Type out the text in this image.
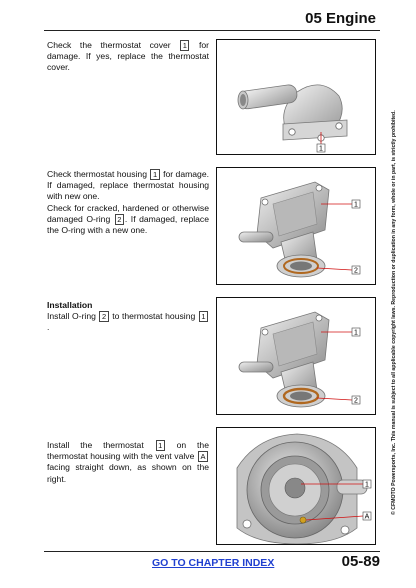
05 Engine
Check the thermostat cover 1 for damage. If yes, replace the thermostat cover.
1
Check thermostat housing 1 for damage. If damaged, replace thermostat housing with new one.
Check for cracked, hardened or otherwise damaged O-ring 2 . If damaged, replace the O-ring with a new one.
1
2
Installation
Install O-ring 2 to thermostat housing 1.
1
2
Install the thermostat 1 on the thermostat housing with the vent valve A facing straight down, as shown on the right.
1
A
© CFMOTO Powersports, Inc. This manual is subject to all applicable copyright laws. Reproduction or duplication in any form, whole or in part, is strictly prohibited.
GO TO CHAPTER INDEX	05-89
